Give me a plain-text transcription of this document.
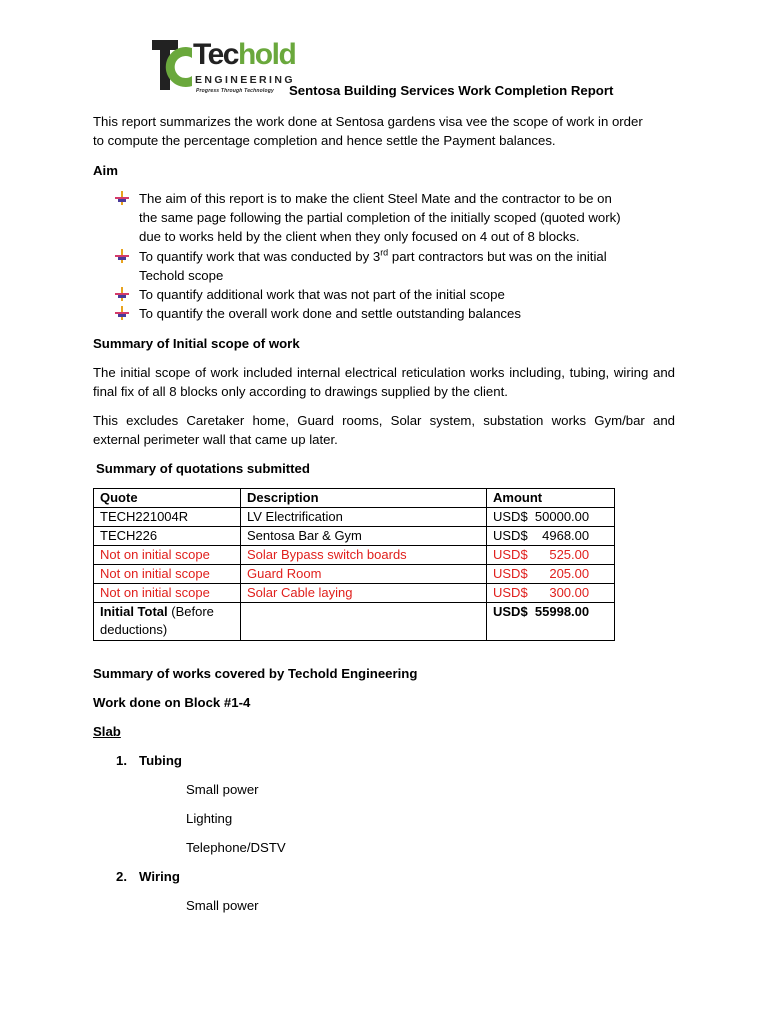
Techold
ENGINEERING
Progress Through Technology Sentosa Building Services Work Completion Report
This report summarizes the work done at Sentosa gardens visa vee the scope of work in order
to compute the percentage completion and hence settle the Payment balances.
Aim
The aim of this report is to make the client Steel Mate and the contractor to be on
the same page following the partial completion of the initially scoped (quoted work)
due to works held by the client when they only focused on 4 out of 8 blocks.
To quantify work that was conducted by 3rd part contractors but was on the initial
Techold scope
To quantify additional work that was not part of the initial scope
To quantify the overall work done and settle outstanding balances
Summary of Initial scope of work
The initial scope of work included internal electrical reticulation works including, tubing, wiring and final fix of all 8 blocks only according to drawings supplied by the client.
This excludes Caretaker home, Guard rooms, Solar system, substation works Gym/bar and external perimeter wall that came up later.
Summary of quotations submitted
Quote	Description	Amount
TECH221004R	LV Electrification	USD$  50000.00
TECH226	Sentosa Bar & Gym	USD$    4968.00
Not on initial scope	Solar Bypass switch boards	USD$      525.00
Not on initial scope	Guard Room	USD$      205.00
Not on initial scope	Solar Cable laying	USD$      300.00
Initial Total (Before
deductions)		USD$  55998.00
Summary of works covered by Techold Engineering
Work done on Block #1-4
Slab
1. Tubing
Small power
Lighting
Telephone/DSTV
2. Wiring
Small power
